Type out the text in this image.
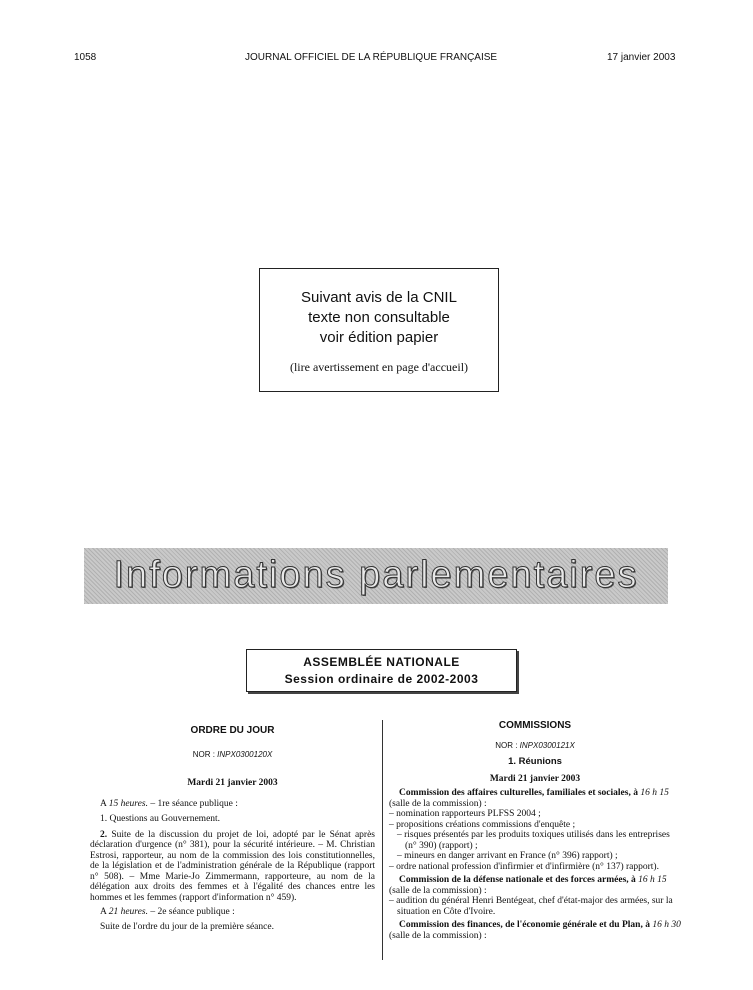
1058	JOURNAL OFFICIEL DE LA RÉPUBLIQUE FRANÇAISE	17 janvier 2003
Suivant avis de la CNIL
texte non consultable
voir édition papier
(lire avertissement en page d'accueil)
Informations parlementaires
ASSEMBLÉE NATIONALE
Session ordinaire de 2002-2003
ORDRE DU JOUR
NOR : INPX0300120X
Mardi 21 janvier 2003

A 15 heures. – 1re séance publique :

1. Questions au Gouvernement.

2. Suite de la discussion du projet de loi, adopté par le Sénat après déclaration d'urgence (n° 381), pour la sécurité intérieure. – M. Christian Estrosi, rapporteur, au nom de la commission des lois constitutionnelles, de la législation et de l'administration générale de la République (rapport n° 508). – Mme Marie-Jo Zimmermann, rapporteure, au nom de la délégation aux droits des femmes et à l'égalité des chances entre les hommes et les femmes (rapport d'information n° 459).

A 21 heures. – 2e séance publique :

Suite de l'ordre du jour de la première séance.

COMMISSIONS
NOR : INPX0300121X
1. Réunions
Mardi 21 janvier 2003

Commission des affaires culturelles, familiales et sociales, à 16 h 15 (salle de la commission) :

– nomination rapporteurs PLFSS 2004 ;
– propositions créations commissions d'enquête ;
– risques présentés par les produits toxiques utilisés dans les entreprises (n° 390) (rapport) ;
– mineurs en danger arrivant en France (n° 396) rapport) ;
– ordre national profession d'infirmier et d'infirmière (n° 137) rapport).

Commission de la défense nationale et des forces armées, à 16 h 15 (salle de la commission) :

– audition du général Henri Bentégeat, chef d'état-major des armées, sur la situation en Côte d'Ivoire.

Commission des finances, de l'économie générale et du Plan, à 16 h 30 (salle de la commission) :
